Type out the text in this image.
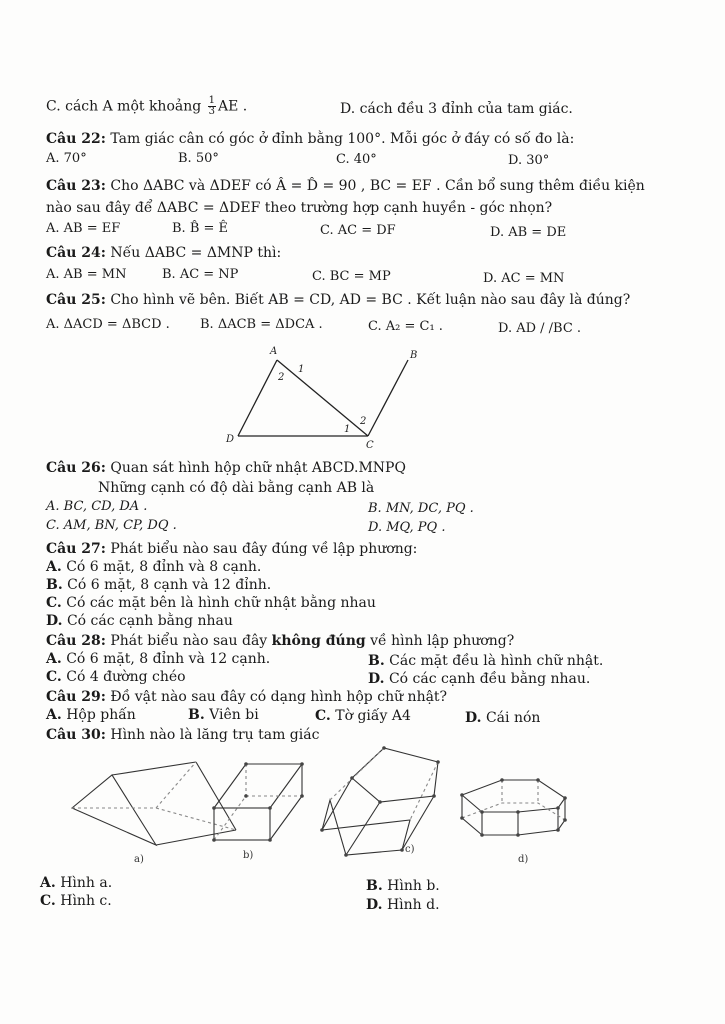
C. cách A một khoảng $\frac{1}{3}$ AE .	D. cách đều 3 đỉnh của tam giác.
Câu 22: Tam giác cân có góc ở đỉnh bằng 100°. Mỗi góc ở đáy có số đo là:
A. 70°	B. 50°	C. 40°	D. 30°
Câu 23: Cho ΔABC và ΔDEF có Â = D̂ = 90 , BC = EF . Cần bổ sung thêm điều kiện
nào sau đây để ΔABC = ΔDEF theo trường hợp cạnh huyền - góc nhọn?
A. AB = EF	B. B̂ = Ê	C. AC = DF	D. AB = DE
Câu 24: Nếu ΔABC = ΔMNP thì:
A. AB = MN	B. AC = NP	C. BC = MP	D. AC = MN
Câu 25: Cho hình vẽ bên. Biết AB = CD, AD = BC . Kết luận nào sau đây là đúng?
A. ΔACD = ΔBCD . B. ΔACB = ΔDCA .	C. A₂ = C₁ .	D. AD / /BC .
A	B
C
D
1
2
2
1
Câu 26: Quan sát hình hộp chữ nhật ABCD.MNPQ
Những cạnh có độ dài bằng cạnh AB là
A. BC, CD, DA .	B. MN, DC, PQ .
C. AM, BN, CP, DQ .	D. MQ, PQ .
Câu 27: Phát biểu nào sau đây đúng về lập phương:
A. Có 6 mặt, 8 đỉnh và 8 cạnh.
B. Có 6 mặt, 8 cạnh và 12 đỉnh.
C. Có các mặt bên là hình chữ nhật bằng nhau
D. Có các cạnh bằng nhau
Câu 28: Phát biểu nào sau đây không đúng về hình lập phương?
A. Có 6 mặt, 8 đỉnh và 12 cạnh.	B. Các mặt đều là hình chữ nhật.
C. Có 4 đường chéo	D. Có các cạnh đều bằng nhau.
Câu 29: Đồ vật nào sau đây có dạng hình hộp chữ nhật?
A. Hộp phấn	B. Viên bi	C. Tờ giấy A4	D. Cái nón
Câu 30: Hình nào là lăng trụ tam giác
a)	b)
c)
d)
A. Hình a.	B. Hình b.
C. Hình c.	D. Hình d.
